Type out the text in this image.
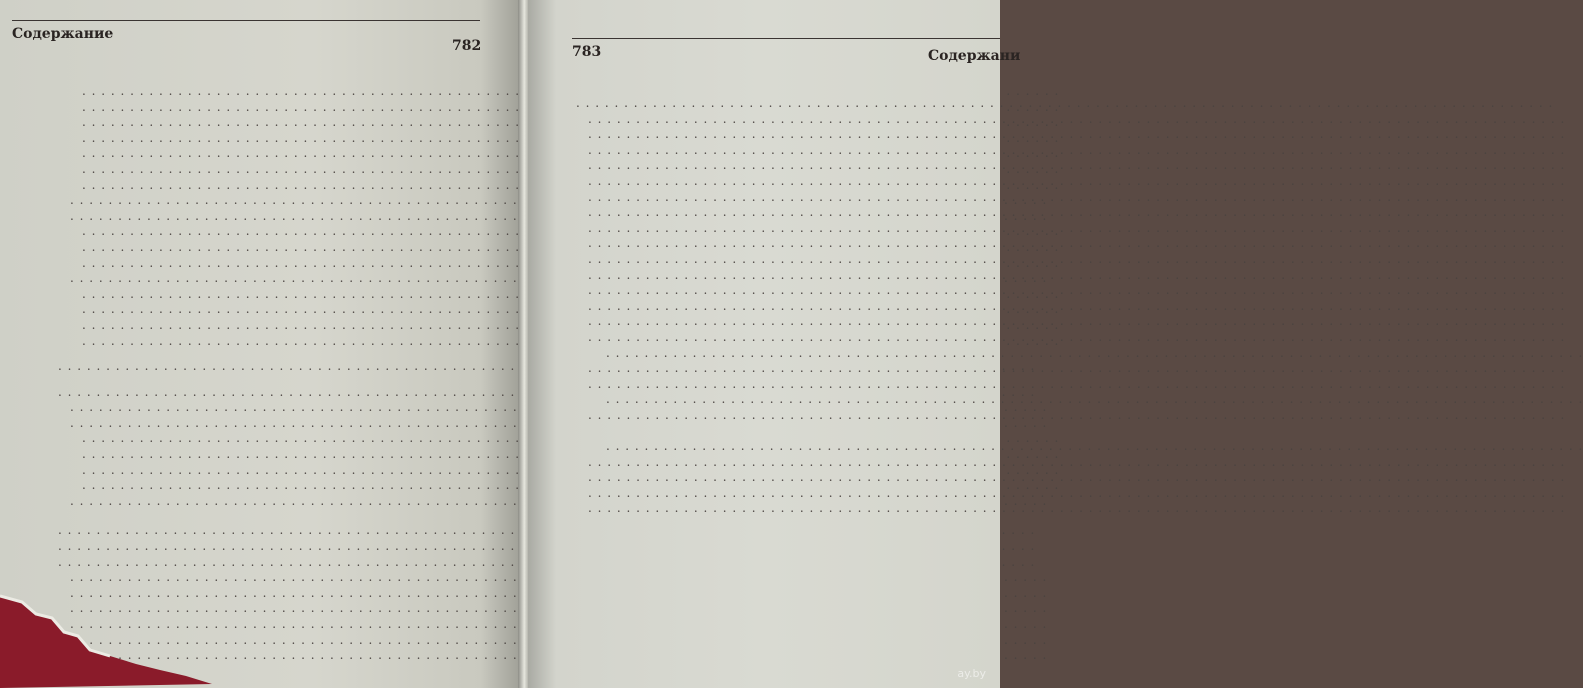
Содержание
782
. . .
. . .
. . .
. . .
. . .
. . .
. . .
. . .
. . .
. . .
. . .
. . .
. . .
. . .
. . .
. . .
. . .
. . .
. . .
. . .
. . .
. . .
. . .
. . .
. . .
. . .
. . .
. . .
. . .
. . .
. . .
. . .
. . .
. . .
. . .	783	Содержани
. . .
. . .
. . .
. . .
. . .
. . .
. . .
. . .
. . .
. . .
. . .
. . .
. . .
. . .
. . .
. . .
. . .
. . .
. . .
. . .
. . .
. . .
. . .
. . .
. . .
. . .
ay.by
